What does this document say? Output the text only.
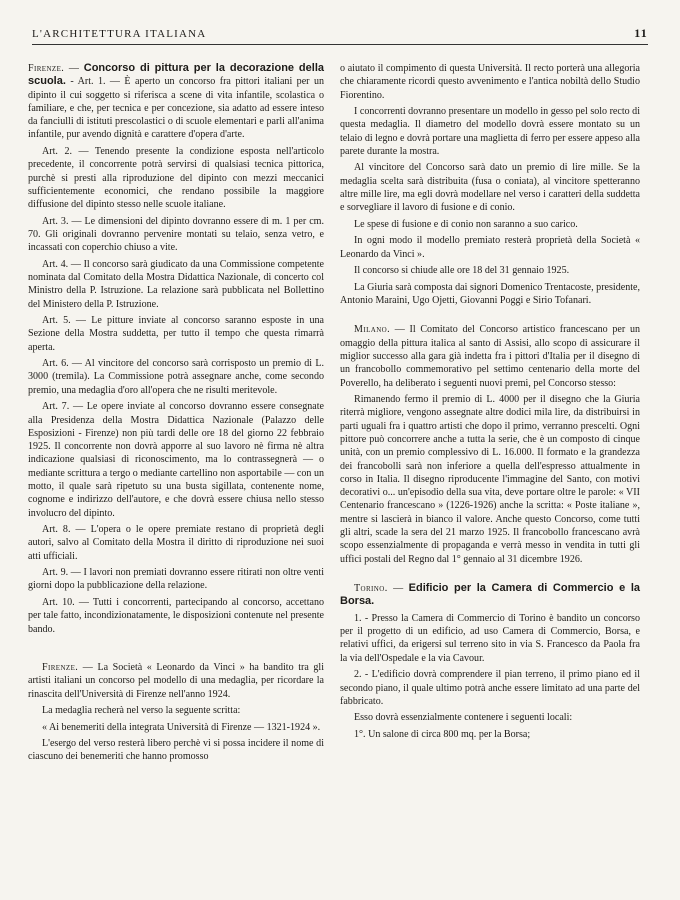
L'ARCHITETTURA ITALIANA	11

Firenze. — Concorso di pittura per la decorazione della scuola. - Art. 1. — È aperto un concorso fra pittori italiani per un dipinto il cui soggetto si riferisca a scene di vita infantile, scolastica o familiare, e che, per tecnica e per concezione, sia adatto ad essere inteso da fanciulli di istituti prescolastici o di scuole elementari e parli all'anima infantile, pur avendo dignità e carattere d'opera d'arte.

Art. 2. — Tenendo presente la condizione esposta nell'articolo precedente, il concorrente potrà servirsi di qualsiasi tecnica pittorica, purchè si presti alla riproduzione del dipinto con mezzi meccanici sufficientemente economici, che rendano possibile la maggiore diffusione del dipinto stesso nelle scuole italiane.

Art. 3. — Le dimensioni del dipinto dovranno essere di m. 1 per cm. 70. Gli originali dovranno pervenire montati su telaio, senza vetro, e incassati con coperchio chiuso a vite.

Art. 4. — Il concorso sarà giudicato da una Commissione competente nominata dal Comitato della Mostra Didattica Nazionale, di concerto col Ministro della P. Istruzione. La relazione sarà pubblicata nel Bollettino del Ministero della P. Istruzione.

Art. 5. — Le pitture inviate al concorso saranno esposte in una Sezione della Mostra suddetta, per tutto il tempo che questa rimarrà aperta.

Art. 6. — Al vincitore del concorso sarà corrisposto un premio di L. 3000 (tremila). La Commissione potrà assegnare anche, come secondo premio, una medaglia d'oro all'opera che ne risulti meritevole.

Art. 7. — Le opere inviate al concorso dovranno essere consegnate alla Presidenza della Mostra Didattica Nazionale (Palazzo delle Esposizioni - Firenze) non più tardi delle ore 18 del giorno 22 febbraio 1925. Il concorrente non dovrà apporre al suo lavoro nè firma nè altra indicazione qualsiasi di riconoscimento, ma lo contrassegnerà — o mediante scrittura a tergo o mediante cartellino non asportabile — con un motto, il quale sarà ripetuto su una busta sigillata, contenente nome, cognome e indirizzo dell'autore, e che dovrà essere chiusa nello stesso involucro del dipinto.

Art. 8. — L'opera o le opere premiate restano di proprietà degli autori, salvo al Comitato della Mostra il diritto di riproduzione nei suoi atti ufficiali.

Art. 9. — I lavori non premiati dovranno essere ritirati non oltre venti giorni dopo la pubblicazione della relazione.

Art. 10. — Tutti i concorrenti, partecipando al concorso, accettano per tale fatto, incondizionatamente, le disposizioni contenute nel presente bando.

Firenze. — La Società « Leonardo da Vinci » ha bandito tra gli artisti italiani un concorso pel modello di una medaglia, per ricordare la rinascita dell'Università di Firenze nell'anno 1924.

La medaglia recherà nel verso la seguente scritta:

« Ai benemeriti della integrata Università di Firenze — 1321-1924 ».

L'esergo del verso resterà libero perchè vi si possa incidere il nome di ciascuno dei benemeriti che hanno promosso

o aiutato il compimento di questa Università. Il recto porterà una allegoria che chiaramente ricordi questo avvenimento e l'antica nobiltà dello Studio Fiorentino.

I concorrenti dovranno presentare un modello in gesso pel solo recto di questa medaglia. Il diametro del modello dovrà essere montato su un telaio di legno e dovrà portare una maglietta di ferro per essere appeso alla parete durante la mostra.

Al vincitore del Concorso sarà dato un premio di lire mille. Se la medaglia scelta sarà distribuita (fusa o coniata), al vincitore spetteranno altre mille lire, ma egli dovrà modellare nel verso i caratteri della suddetta e sorvegliare il lavoro di fusione e di conio.

Le spese di fusione e di conio non saranno a suo carico.

In ogni modo il modello premiato resterà proprietà della Società « Leonardo da Vinci ».

Il concorso si chiude alle ore 18 del 31 gennaio 1925.

La Giuria sarà composta dai signori Domenico Trentacoste, presidente, Antonio Maraini, Ugo Ojetti, Giovanni Poggi e Sirio Tofanari.

Milano. — Il Comitato del Concorso artistico francescano per un omaggio della pittura italica al santo di Assisi, allo scopo di assicurare il miglior successo alla gara già indetta fra i pittori d'Italia per il disegno di un francobollo commemorativo pel settimo centenario della morte del Poverello, ha deliberato i seguenti nuovi premi, pel Concorso stesso:

Rimanendo fermo il premio di L. 4000 per il disegno che la Giuria riterrà migliore, vengono assegnate altre dodici mila lire, da distribuirsi in parti uguali fra i quattro artisti che dopo il primo, verranno prescelti. Ogni pittore può concorrere anche a tutta la serie, che è un composto di cinque unità, con un premio complessivo di L. 16.000. Il formato e la grandezza dei francobolli sarà non inferiore a quella dell'espresso attualmente in corso in Italia. Il disegno riproducente l'immagine del Santo, con motivi decorativi o... un'episodio della sua vita, deve portare oltre le parole: « VII Centenario francescano » (1226-1926) anche la scritta: « Poste italiane », mentre si lascierà in bianco il valore. Anche questo Concorso, come tutti gli altri, scade la sera del 21 marzo 1925. Il francobollo francescano avrà scopo essenzialmente di propaganda e verrà messo in vendita in tutti gli uffici postali del Regno dal 1° gennaio al 31 dicembre 1926.

Torino. — Edificio per la Camera di Commercio e la Borsa.

1. - Presso la Camera di Commercio di Torino è bandito un concorso per il progetto di un edificio, ad uso Camera di Commercio, Borsa, e relativi uffici, da erigersi sul terreno sito in via S. Francesco da Paola fra la via dell'Ospedale e la via Cavour.

2. - L'edificio dovrà comprendere il pian terreno, il primo piano ed il secondo piano, il quale ultimo potrà anche essere limitato ad una parte del fabbricato.

Esso dovrà essenzialmente contenere i seguenti locali:

1°. Un salone di circa 800 mq. per la Borsa;
